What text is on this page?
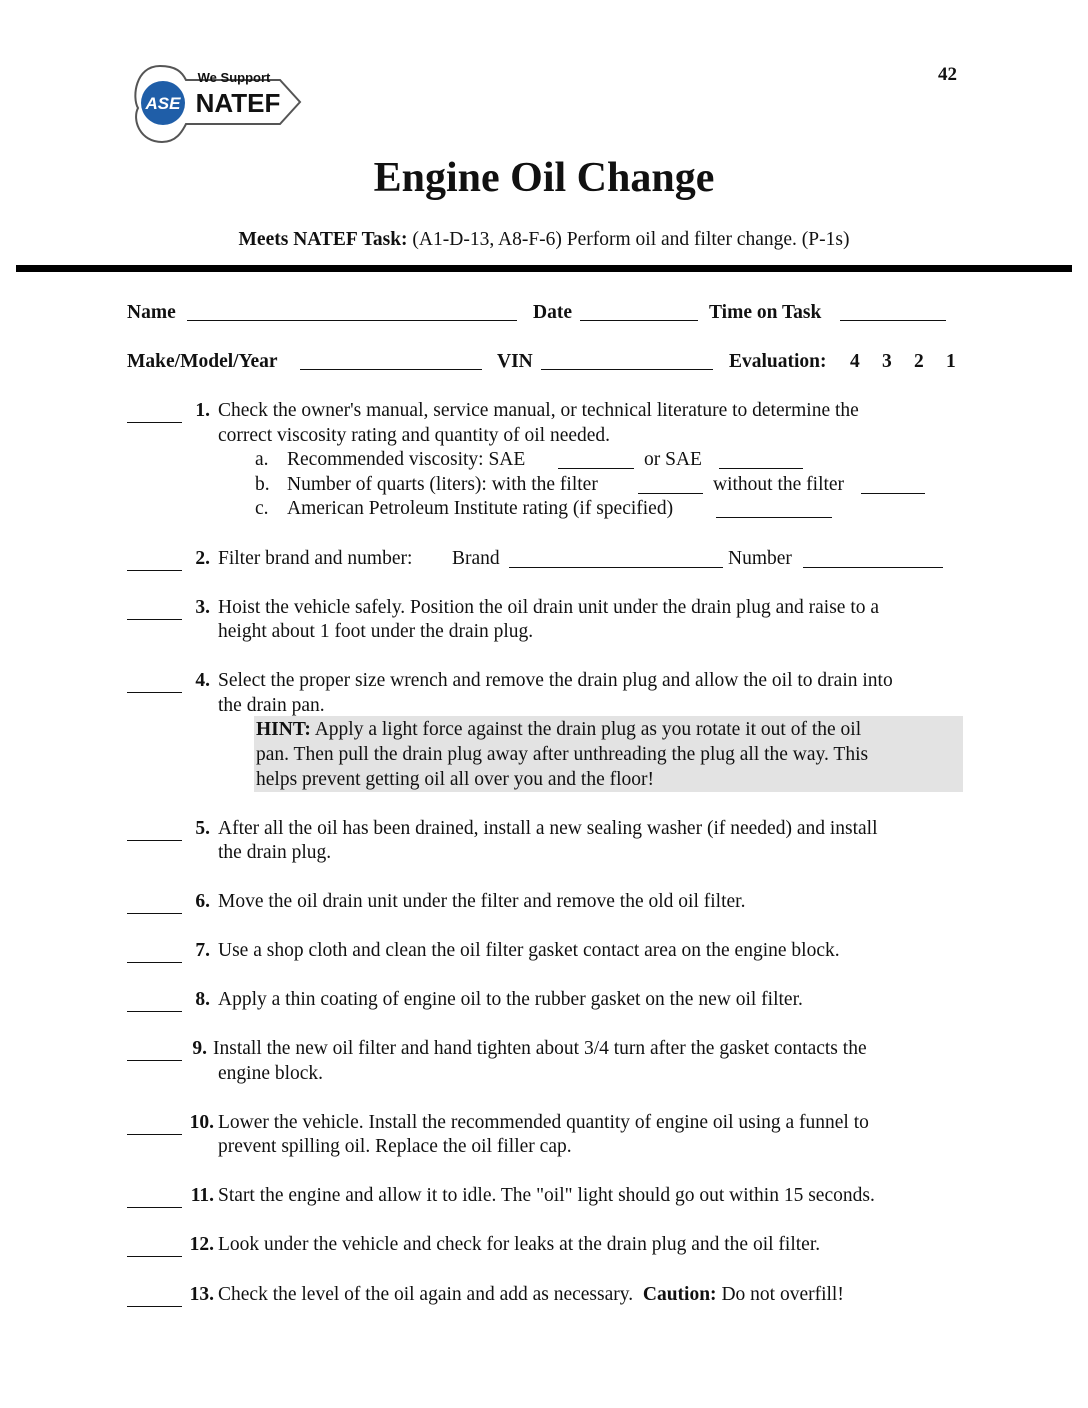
ASE
We Support
NATEF
42
Engine Oil Change
Meets NATEF Task: (A1-D-13, A8-F-6) Perform oil and filter change. (P-1s)
Name	Date	Time on Task
Make/Model/Year	VIN	Evaluation: 4 3 2 1
1. Check the owner's manual, service manual, or technical literature to determine the
correct viscosity rating and quantity of oil needed.
a. Recommended viscosity: SAE	or SAE
b. Number of quarts (liters): with the filter	without the filter
c. American Petroleum Institute rating (if specified)
2. Filter brand and number: Brand	Number
3. Hoist the vehicle safely. Position the oil drain unit under the drain plug and raise to a
height about 1 foot under the drain plug.
4. Select the proper size wrench and remove the drain plug and allow the oil to drain into
the drain pan.
HINT: Apply a light force against the drain plug as you rotate it out of the oil
pan. Then pull the drain plug away after unthreading the plug all the way. This
helps prevent getting oil all over you and the floor!
5. After all the oil has been drained, install a new sealing washer (if needed) and install
the drain plug.
6. Move the oil drain unit under the filter and remove the old oil filter.
7. Use a shop cloth and clean the oil filter gasket contact area on the engine block.
8. Apply a thin coating of engine oil to the rubber gasket on the new oil filter.
9. Install the new oil filter and hand tighten about 3/4 turn after the gasket contacts the
engine block.
10. Lower the vehicle. Install the recommended quantity of engine oil using a funnel to
prevent spilling oil. Replace the oil filler cap.
11. Start the engine and allow it to idle. The "oil" light should go out within 15 seconds.
12. Look under the vehicle and check for leaks at the drain plug and the oil filter.
13. Check the level of the oil again and add as necessary.  Caution: Do not overfill!
